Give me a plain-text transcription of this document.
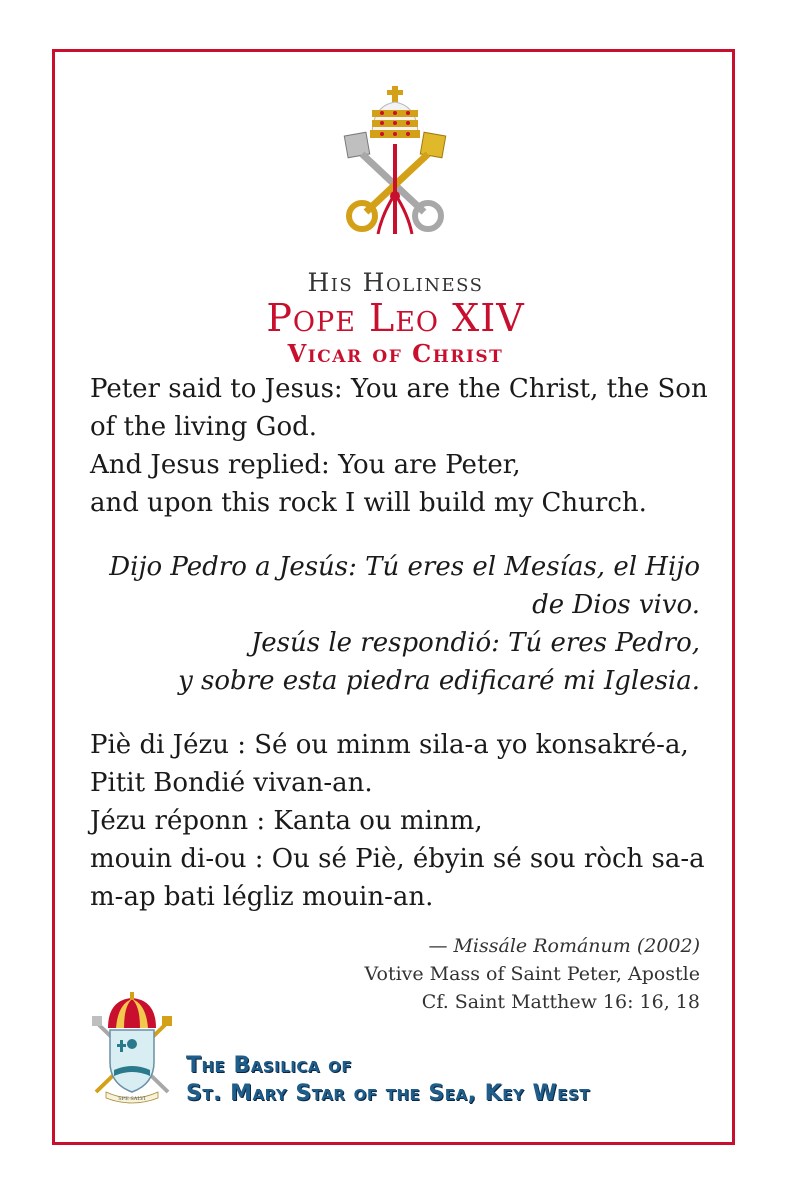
His Holiness
Pope Leo XIV
Vicar of Christ

Peter said to Jesus: You are the Christ, the Son of the living God.

And Jesus replied: You are Peter,

and upon this rock I will build my Church.

Dijo Pedro a Jesús: Tú eres el Mesías, el Hijo de Dios vivo.

Jesús le respondió: Tú eres Pedro,

y sobre esta piedra edificaré mi Iglesia.

Piè di Jézu : Sé ou minm sila-a yo konsakré-a, Pitit Bondié vivan-an.

Jézu réponn : Kanta ou minm,

mouin di-ou : Ou sé Piè, ébyin sé sou ròch sa-a m-ap bati légliz mouin-an.

— Missále Románum (2002)
Votive Mass of Saint Peter, Apostle
Cf. Saint Matthew 16: 16, 18
SPE SALVI
The Basilica of
St. Mary Star of the Sea, Key West
